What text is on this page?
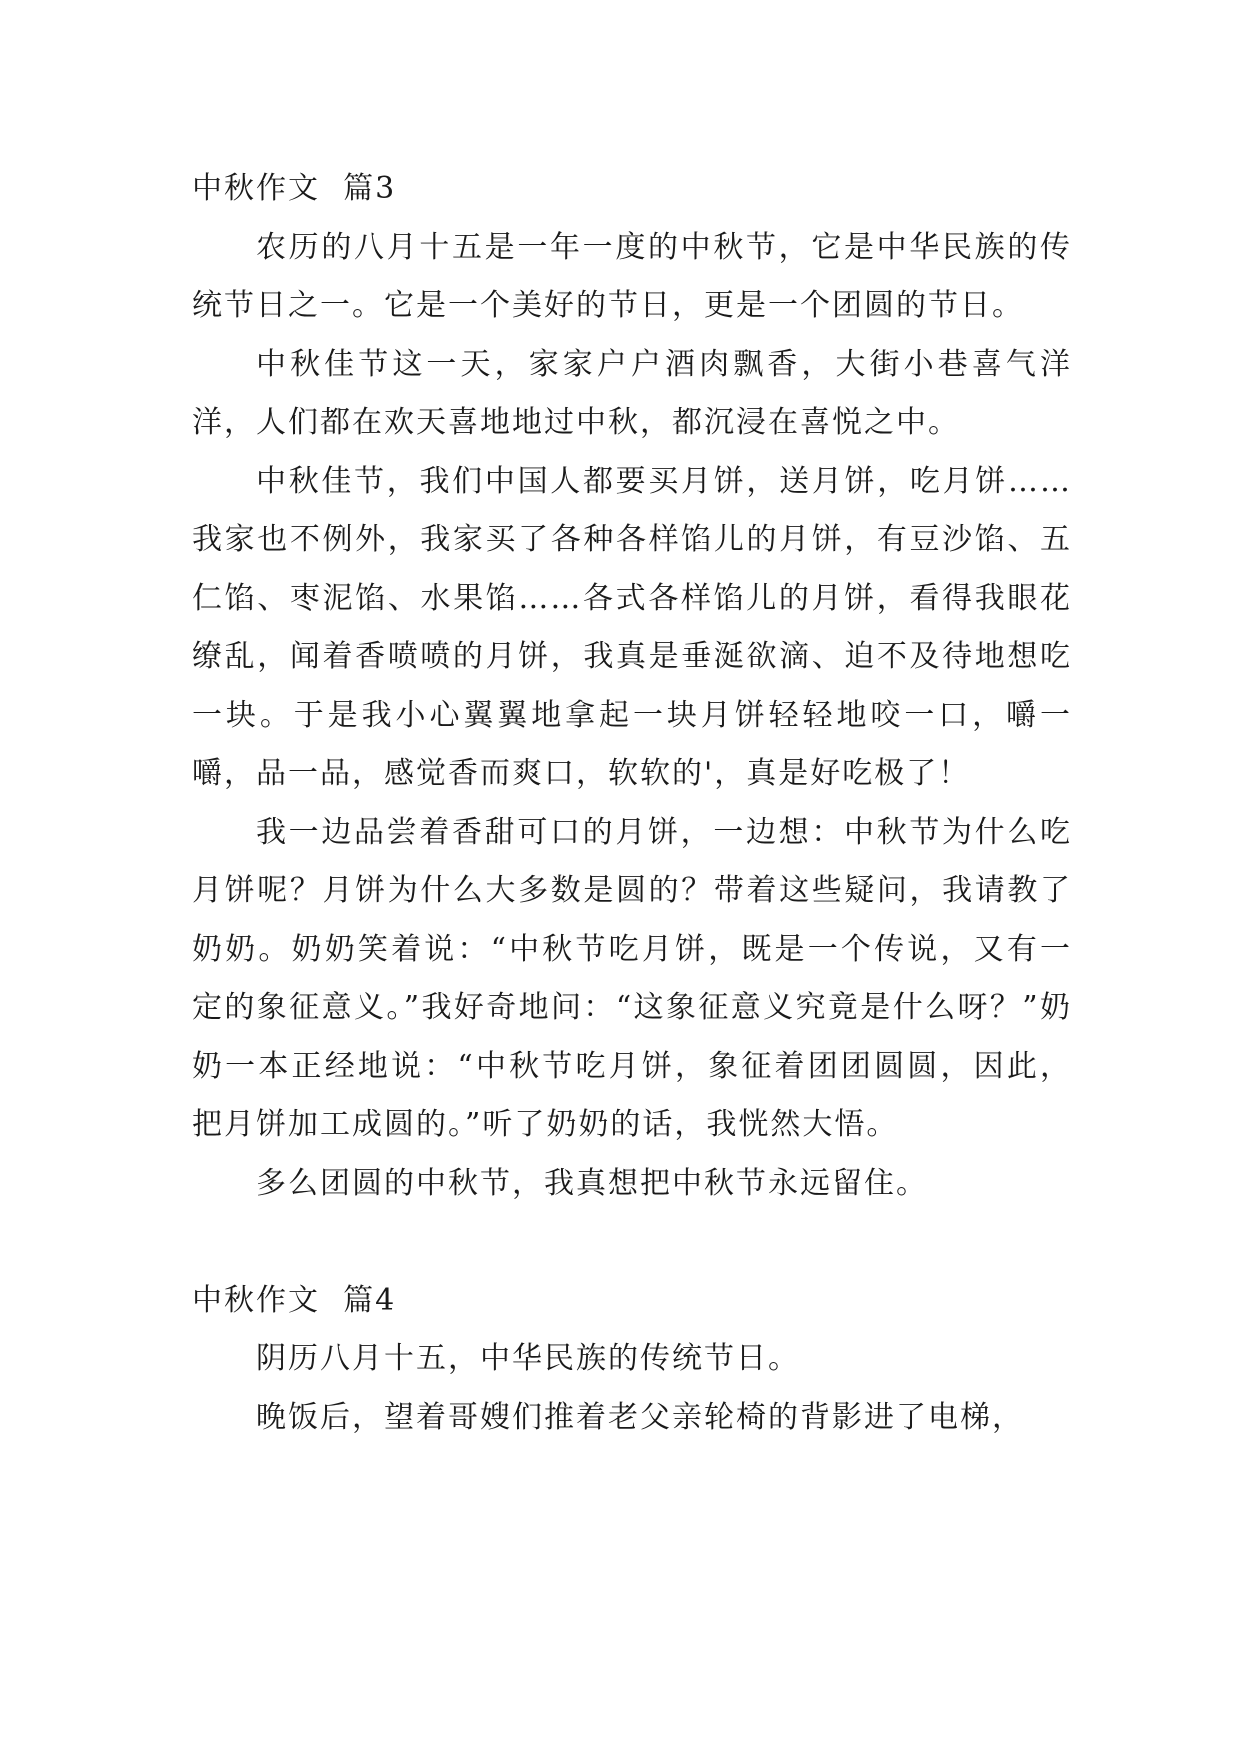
中秋作文  篇3

农历的八月十五是一年一度的中秋节，它是中华民族的传统节日之一。它是一个美好的节日，更是一个团圆的节日。

中秋佳节这一天，家家户户酒肉飘香，大街小巷喜气洋洋，人们都在欢天喜地地过中秋，都沉浸在喜悦之中。

中秋佳节，我们中国人都要买月饼，送月饼，吃月饼……我家也不例外，我家买了各种各样馅儿的月饼，有豆沙馅、五仁馅、枣泥馅、水果馅……各式各样馅儿的月饼，看得我眼花缭乱，闻着香喷喷的月饼，我真是垂涎欲滴、迫不及待地想吃一块。于是我小心翼翼地拿起一块月饼轻轻地咬一口，嚼一嚼，品一品，感觉香而爽口，软软的'，真是好吃极了！

我一边品尝着香甜可口的月饼，一边想：中秋节为什么吃月饼呢？月饼为什么大多数是圆的？带着这些疑问，我请教了奶奶。奶奶笑着说：“中秋节吃月饼，既是一个传说，又有一定的象征意义。”我好奇地问：“这象征意义究竟是什么呀？”奶奶一本正经地说：“中秋节吃月饼，象征着团团圆圆，因此，把月饼加工成圆的。”听了奶奶的话，我恍然大悟。

多么团圆的中秋节，我真想把中秋节永远留住。

中秋作文  篇4

阴历八月十五，中华民族的传统节日。

晚饭后，望着哥嫂们推着老父亲轮椅的背影进了电梯，
